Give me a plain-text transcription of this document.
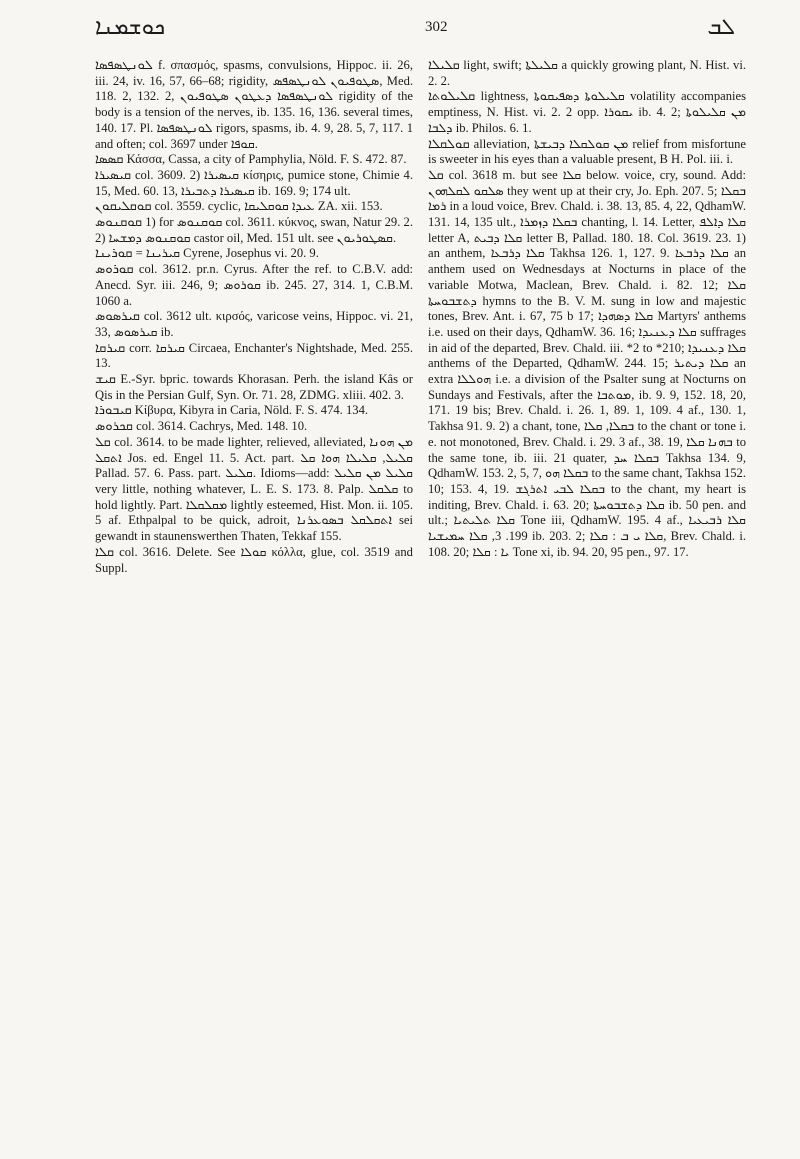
ܟܘܫܡܢܐ	302	ܠܒ

ܠܘܢܛܣܦܣܐ f. σπασμός, spasms, convulsions, Hippoc. ii. 26, iii. 24, iv. 16, 57, 66–68; rigidity, ܣܛܘܦܝܘܢ ܠܘܢܛܣܦܣ, Med. 118. 2, 132. 2, ܠܘܢܛܣܦܣܐ ܕܥܛܘܢ ܣܛܘܦܝܘܢ rigidity of the body is a tension of the nerves, ib. 135. 16, 136. several times, 140. 17. Pl. ܠܘܢܛܣܦܣܐ rigors, spasms, ib. 4. 9, 28. 5, 7, 117. 1 and often; col. 3697 under ܩܘܦܐ.

ܩܣܣܐ Κάσσα, Cassa, a city of Pamphylia, Nöld. F. S. 472. 87.

ܩܝܣܝܪܐ col. 3609. 2) ܩܝܣܝܪܐ κίσηρις, pumice stone, Chimie 4. 15, Med. 60. 13, ܩܝܣܝܪܐ ܕܬܒܝܪܐ ib. 169. 9; 174 ult.

ܩܘܩܠܝܩܘܢ col. 3559. cyclic, ܥܝܕܐ ܩܘܩܠܝܩܐ ZA. xii. 153.

ܩܘܩܢܘܣ 1) for ܩܘܩܢܘܣ col. 3611. κύκνος, swan, Natur 29. 2. 2) ܩܘܩܢܘܣ ܕܡܫܚܐ castor oil, Med. 151 ult. see ܩܣܛܘܪܝܘܢ.

ܩܘܪܝܢܐ = ܩܝܪܝܢܐ Cyrene, Josephus vi. 20. 9.

ܩܘܪܘܣ col. 3612. pr.n. Cyrus. After the ref. to C.B.V. add: Anecd. Syr. iii. 246, 9; ܩܘܪܘܣ ib. 245. 27, 314. 1, C.B.M. 1060 a.

ܩܝܪܣܘܣ col. 3612 ult. κιρσός, varicose veins, Hippoc. vi. 21, 33, ܩܝܪܣܘܣ ib.

ܩܝܪܩܐ corr. ܩܝܪܩܐ Circaea, Enchanter's Nightshade, Med. 255. 13.

ܩܝܫ E.-Syr. bpric. towards Khorasan. Perh. the island Kâs or Qis in the Persian Gulf, Syn. Or. 71. 28, ZDMG. xliii. 402. 3.

ܩܝܒܘܪܐ Κίβυρα, Kibyra in Caria, Nöld. F. S. 474. 134.

ܩܟܪܘܣ col. 3614. Cachrys, Med. 148. 10.

ܩܠ col. 3614. to be made lighter, relieved, alleviated, ܡܢ ܗܘܢܐ ܐܬܩܠ Jos. ed. Engel 11. 5. Act. part. ܩܠܝܠ, ܩܠܝܠܐ ܗܘܐ ܩܠ Pallad. 57. 6. Pass. part. ܩܠܝܠ. Idioms—add: ܩܠܝܠ ܡܢ ܩܠܝܠ very little, nothing whatever, L. E. S. 173. 8. Palp. ܩܠܩܠ to hold lightly. Part. ܡܩܠܩܠܐ lightly esteemed, Hist. Mon. ii. 105. 5 af. Ethpalpal to be quick, adroit, ܐܬܩܠܩܠ ܒܣܘܥܪܢܐ sei gewandt in staunenswerthen Thaten, Tekkaf 155.

ܩܠܐ col. 3616. Delete. See ܩܘܠܐ κόλλα, glue, col. 3519 and Suppl.

ܩܠܝܠܐ light, swift; ܩܠܝܠܬܐ a quickly growing plant, N. Hist. vi. 2. 2.

ܩܠܝܠܘܬܐ lightness, ܩܠܝܠܘܬܐ ܕܣܦܝܩܘܬܐ volatility accompanies emptiness, N. Hist. vi. 2. 2 opp. ܝܩܘܪܐ ib. 4. 2; ܡܢ ܩܠܝܠܘܬܐ ܕܠܒܐ ib. Philos. 6. 1.

ܩܘܠܩܠܐ alleviation, ܡܢ ܩܘܠܩܠܐ ܕܒܝܫܬܐ relief from misfortune is sweeter in his eyes than a valuable present, B H. Pol. iii. i.

ܩܠ col. 3618 m. but see ܩܠܐ below. voice, cry, sound. Add: ܣܠܩܘ ܠܩܠܗܘܢ they went up at their cry, Jo. Eph. 207. 5; ܒܩܠܐ ܪܡܐ in a loud voice, Brev. Chald. i. 38. 13, 85. 4, 22, QdhamW. 131. 14, 135 ult., ܒܩܠܐ ܕܙܡܪܐ chanting, l. 14. Letter, ܩܠܐ ܕܐܠܦ letter A, ܩܠܐ ܕܒܝܬ letter B, Pallad. 180. 18. Col. 3619. 23. 1) an anthem, ܩܠܐ ܕܪܒܥܐ Takhsa 126. 1, 127. 9. ܩܠܐ ܕܪܒܥܐ an anthem used on Wednesdays at Nocturns in place of the variable Motwa, Maclean, Brev. Chald. i. 82. 12; ܩܠܐ ܕܬܫܒܘܚܬܐ hymns to the B. V. M. sung in low and majestic tones, Brev. Ant. i. 67, 75 b 17; ܩܠܐ ܕܣܗܕܐ Martyrs' anthems i.e. used on their days, QdhamW. 36. 16; ܩܠܐ ܕܥܢܝܕܐ suffrages in aid of the departed, Brev. Chald. iii. *2 to *210; ܩܠܐ ܕܥܢܝܕܐ anthems of the Departed, QdhamW. 244. 15; ܩܠܐ ܕܝܬܝܪ an extra ܗܘܠܠܐ i.e. a division of the Psalter sung at Nocturns on Sundays and Festivals, after the ܡܘܬܒܐ, ib. 9. 9, 152. 18, 20, 171. 19 bis; Brev. Chald. i. 26. 1, 89. 1, 109. 4 af., 130. 1, Takhsa 91. 9. 2) a chant, tone, ܒܩܠܐ, ܩܠܐ to the chant or tone i. e. not monotoned, Brev. Chald. i. 29. 3 af., 38. 19, ܒܗܢܐ ܩܠܐ to the same tone, ib. iii. 21 quater, ܒܩܠܐ ܚܕ Takhsa 134. 9, QdhamW. 153. 2, 5, 7, ܒܩܠܐ ܗܘ to the same chant, Takhsa 152. 10; 153. 4, 19. ܒܩܠܐ ܠܒܝ ܐܬܪܓܫ to the chant, my heart is inditing, Brev. Chald. i. 63. 20; ܩܠܐ ܕܬܫܒܘܚܬܐ ib. 50 pen. and ult.; ܩܠܐ ܬܠܝܬܝܐ Tone iii, QdhamW. 195. 4 af., ܩܠܐ ܪܒܝܥܝܐ 199. 3, ܩܠܐ ܚܡܝܫܝܐ ib. 203. 2; ܩܠܐ ܝ ܒ : ܩܠܐ, Brev. Chald. i. 108. 20; ܝܐ : ܩܠܐ Tone xi, ib. 94. 20, 95 pen., 97. 17.
